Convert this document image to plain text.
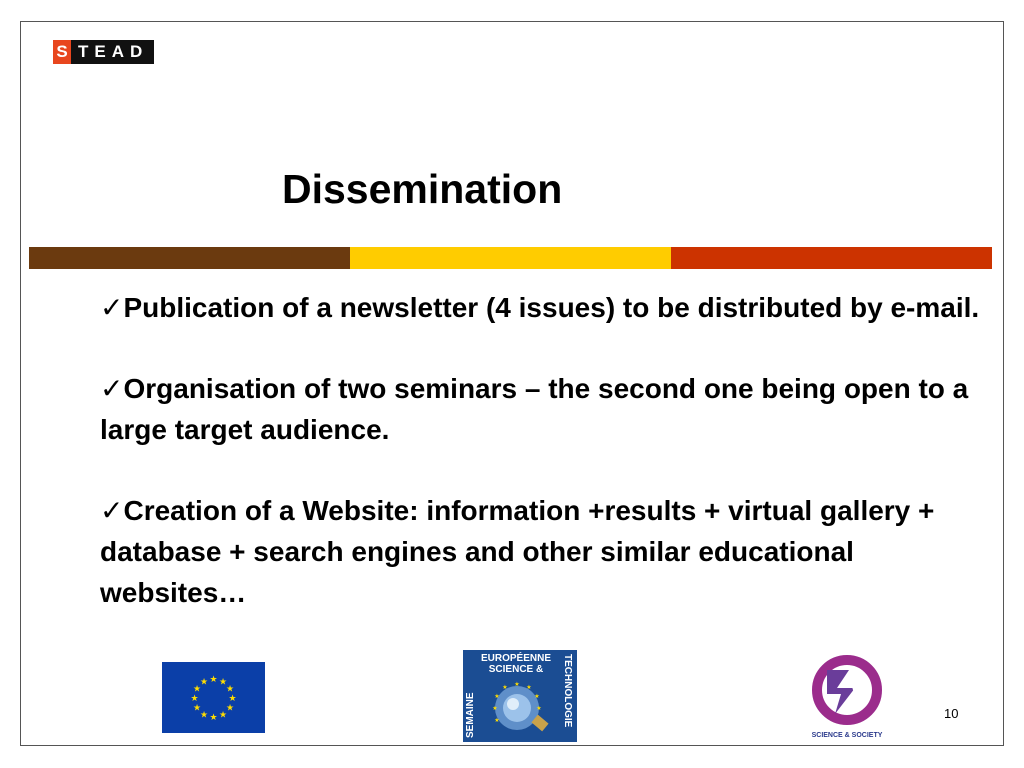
S TEAD
Dissemination
✓Publication of a newsletter (4 issues) to be distributed by e-mail.
✓Organisation of two seminars – the second one being open to a large target audience.
✓Creation of a Website: information +results + virtual gallery + database + search engines and other similar educational websites…
★ ★
★
★
★
★
★
★
★
★
★
★
EUROPÉENNE
SCIENCE &
SEMAINE	TECHNOLOGIE
★ ★
★
★
★
★
★
★
SCIENCE & SOCIETY
10
